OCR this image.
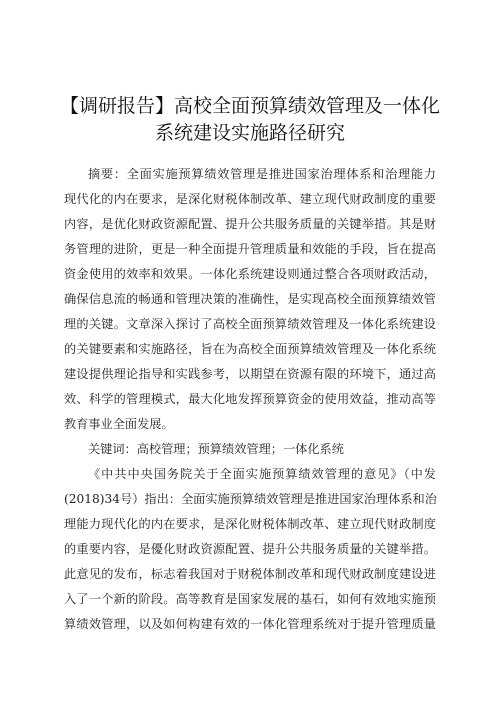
【调研报告】高校全面预算绩效管理及一体化
系统建设实施路径研究
摘要：全面实施预算绩效管理是推进国家治理体系和治理能力
现代化的内在要求，是深化财税体制改革、建立现代财政制度的重要
内容，是优化财政资源配置、提升公共服务质量的关键举措。其是财
务管理的进阶，更是一种全面提升管理质量和效能的手段，旨在提高
资金使用的效率和效果。一体化系统建设则通过整合各项财政活动，
确保信息流的畅通和管理决策的准确性，是实现高校全面预算绩效管
理的关键。文章深入探讨了高校全面预算绩效管理及一体化系统建设
的关键要素和实施路径，旨在为高校全面预算绩效管理及一体化系统
建设提供理论指导和实践参考，以期望在资源有限的环境下，通过高
效、科学的管理模式，最大化地发挥预算资金的使用效益，推动高等
教育事业全面发展。
关键词：高校管理；预算绩效管理；一体化系统
《中共中央国务院关于全面实施预算绩效管理的意见》（中发
(2018)34号）指出：全面实施预算绩效管理是推进国家治理体系和治
理能力现代化的内在要求，是深化财税体制改革、建立现代财政制度
的重要内容，是優化财政资源配置、提升公共服务质量的关键举措。
此意见的发布，标志着我国对于财税体制改革和现代财政制度建设进
入了一个新的阶段。高等教育是国家发展的基石，如何有效地实施预
算绩效管理，以及如何构建有效的一体化管理系统对于提升管理质量
